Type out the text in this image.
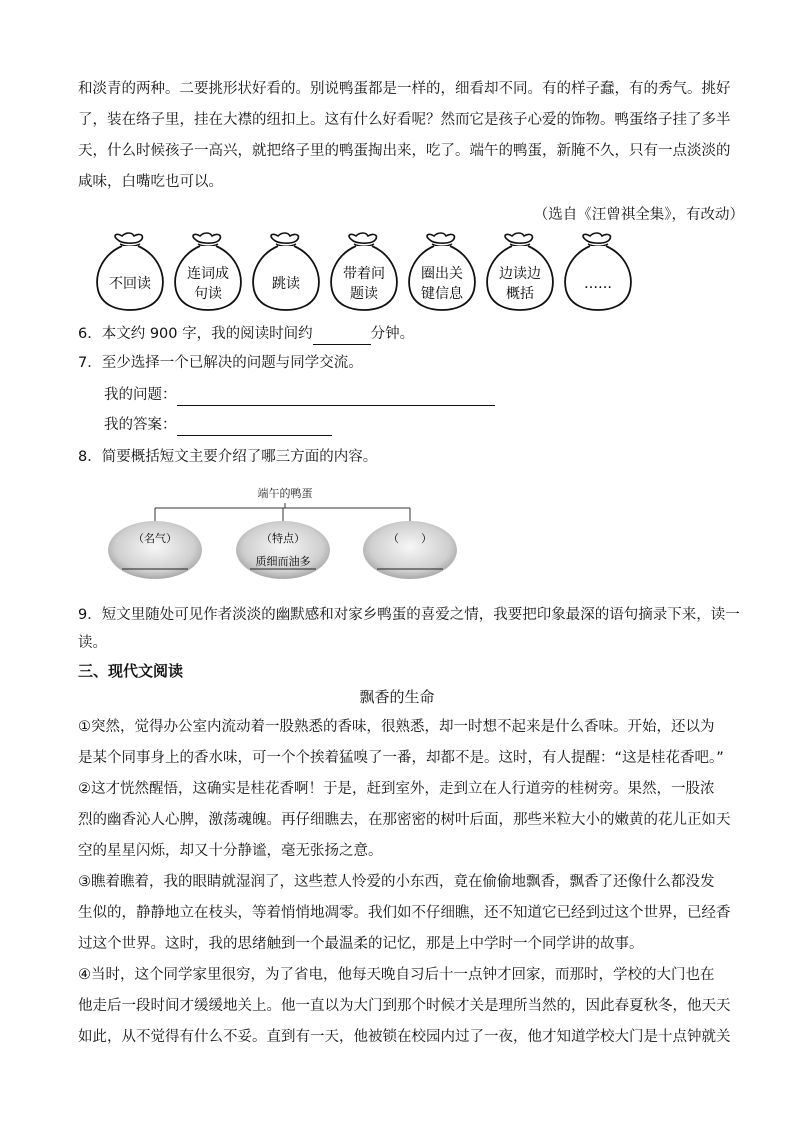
和淡青的两种。二要挑形状好看的。别说鸭蛋都是一样的，细看却不同。有的样子蠢，有的秀气。挑好
了，装在络子里，挂在大襟的纽扣上。这有什么好看呢？然而它是孩子心爱的饰物。鸭蛋络子挂了多半
天，什么时候孩子一高兴，就把络子里的鸭蛋掏出来，吃了。端午的鸭蛋，新腌不久，只有一点淡淡的
咸味，白嘴吃也可以。
（选自《汪曾祺全集》，有改动）
不回读
连词成
句读
跳读
带着问
题读
圈出关
键信息
边读边
概括
……
6．本文约 900 字，我的阅读时间约	分钟。
7．至少选择一个已解决的问题与同学交流。
我的问题：
我的答案：
8．简要概括短文主要介绍了哪三方面的内容。
端午的鸭蛋
（名气）	（特点）
质细而油多
（　　）
9．短文里随处可见作者淡淡的幽默感和对家乡鸭蛋的喜爱之情，我要把印象最深的语句摘录下来，读一
读。
三、现代文阅读
飘香的生命
①突然，觉得办公室内流动着一股熟悉的香味，很熟悉，却一时想不起来是什么香味。开始，还以为
是某个同事身上的香水味，可一个个挨着猛嗅了一番，却都不是。这时，有人提醒：“这是桂花香吧。”
②这才恍然醒悟，这确实是桂花香啊！于是，赶到室外，走到立在人行道旁的桂树旁。果然，一股浓
烈的幽香沁人心脾，激荡魂魄。再仔细瞧去，在那密密的树叶后面，那些米粒大小的嫩黄的花儿正如天
空的星星闪烁，却又十分静谧，毫无张扬之意。
③瞧着瞧着，我的眼睛就湿润了，这些惹人怜爱的小东西，竟在偷偷地飘香，飘香了还像什么都没发
生似的，静静地立在枝头，等着悄悄地凋零。我们如不仔细瞧，还不知道它已经到过这个世界，已经香
过这个世界。这时，我的思绪触到一个最温柔的记忆，那是上中学时一个同学讲的故事。
④当时，这个同学家里很穷，为了省电，他每天晚自习后十一点钟才回家，而那时，学校的大门也在
他走后一段时间才缓缓地关上。他一直以为大门到那个时候才关是理所当然的，因此春夏秋冬，他天天
如此，从不觉得有什么不妥。直到有一天，他被锁在校园内过了一夜，他才知道学校大门是十点钟就关
